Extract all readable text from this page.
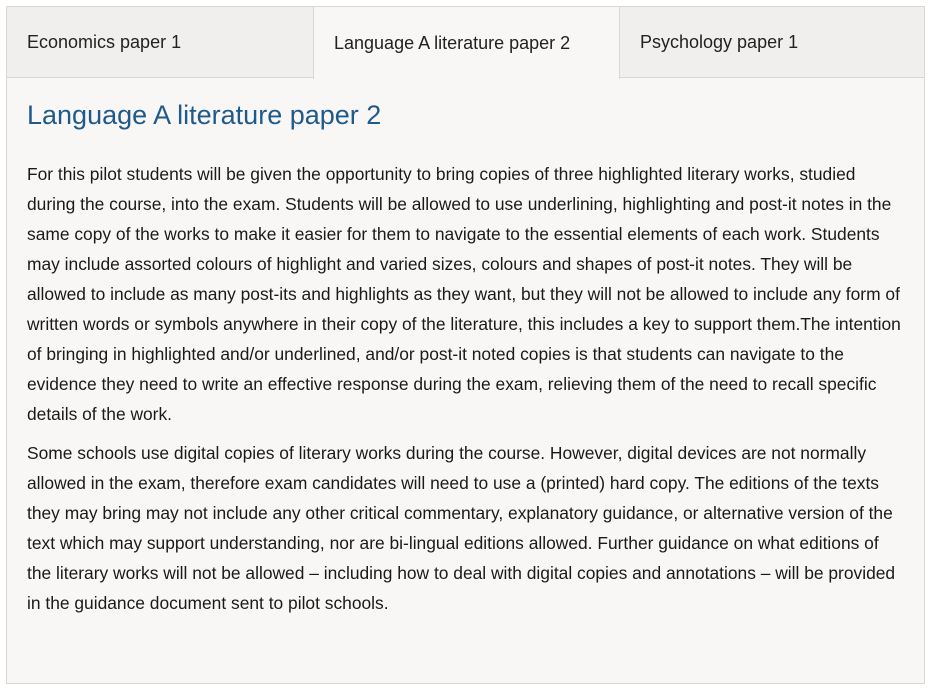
Economics paper 1	Language A literature paper 2	Psychology paper 1
Language A literature paper 2

For this pilot students will be given the opportunity to bring copies of three highlighted literary works, studied during the course, into the exam. Students will be allowed to use underlining, highlighting and post-it notes in the same copy of the works to make it easier for them to navigate to the essential elements of each work. Students may include assorted colours of highlight and varied sizes, colours and shapes of post-it notes. They will be allowed to include as many post-its and highlights as they want, but they will not be allowed to include any form of written words or symbols anywhere in their copy of the literature, this includes a key to support them.The intention of bringing in highlighted and/or underlined, and/or post-it noted copies is that students can navigate to the evidence they need to write an effective response during the exam, relieving them of the need to recall specific details of the work.

Some schools use digital copies of literary works during the course. However, digital devices are not normally allowed in the exam, therefore exam candidates will need to use a (printed) hard copy. The editions of the texts they may bring may not include any other critical commentary, explanatory guidance, or alternative version of the text which may support understanding, nor are bi-lingual editions allowed. Further guidance on what editions of the literary works will not be allowed – including how to deal with digital copies and annotations – will be provided in the guidance document sent to pilot schools.
